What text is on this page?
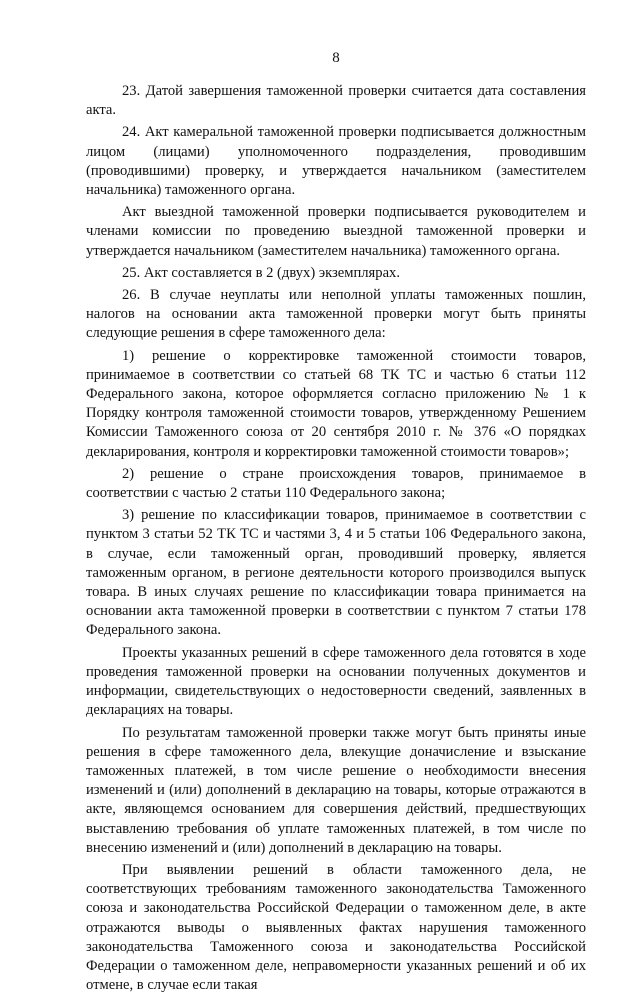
8

23. Датой завершения таможенной проверки считается дата составления акта.

24. Акт камеральной таможенной проверки подписывается должностным лицом (лицами) уполномоченного подразделения, проводившим (проводившими) проверку, и утверждается начальником (заместителем начальника) таможенного органа.

Акт выездной таможенной проверки подписывается руководителем и членами комиссии по проведению выездной таможенной проверки и утверждается начальником (заместителем начальника) таможенного органа.

25. Акт составляется в 2 (двух) экземплярах.

26. В случае неуплаты или неполной уплаты таможенных пошлин, налогов на основании акта таможенной проверки могут быть приняты следующие решения в сфере таможенного дела:

1) решение о корректировке таможенной стоимости товаров, принимаемое в соответствии со статьей 68 ТК ТС и частью 6 статьи 112 Федерального закона, которое оформляется согласно приложению № 1 к Порядку контроля таможенной стоимости товаров, утвержденному Решением Комиссии Таможенного союза от 20 сентября 2010 г. № 376 «О порядках декларирования, контроля и корректировки таможенной стоимости товаров»;

2) решение о стране происхождения товаров, принимаемое в соответствии с частью 2 статьи 110 Федерального закона;

3) решение по классификации товаров, принимаемое в соответствии с пунктом 3 статьи 52 ТК ТС и частями 3, 4 и 5 статьи 106 Федерального закона, в случае, если таможенный орган, проводивший проверку, является таможенным органом, в регионе деятельности которого производился выпуск товара. В иных случаях решение по классификации товара принимается на основании акта таможенной проверки в соответствии с пунктом 7 статьи 178 Федерального закона.

Проекты указанных решений в сфере таможенного дела готовятся в ходе проведения таможенной проверки на основании полученных документов и информации, свидетельствующих о недостоверности сведений, заявленных в декларациях на товары.

По результатам таможенной проверки также могут быть приняты иные решения в сфере таможенного дела, влекущие доначисление и взыскание таможенных платежей, в том числе решение о необходимости внесения изменений и (или) дополнений в декларацию на товары, которые отражаются в акте, являющемся основанием для совершения действий, предшествующих выставлению требования об уплате таможенных платежей, в том числе по внесению изменений и (или) дополнений в декларацию на товары.

При выявлении решений в области таможенного дела, не соответствующих требованиям таможенного законодательства Таможенного союза и законодательства Российской Федерации о таможенном деле, в акте отражаются выводы о выявленных фактах нарушения таможенного законодательства Таможенного союза и законодательства Российской Федерации о таможенном деле, неправомерности указанных решений и об их отмене, в случае если такая
